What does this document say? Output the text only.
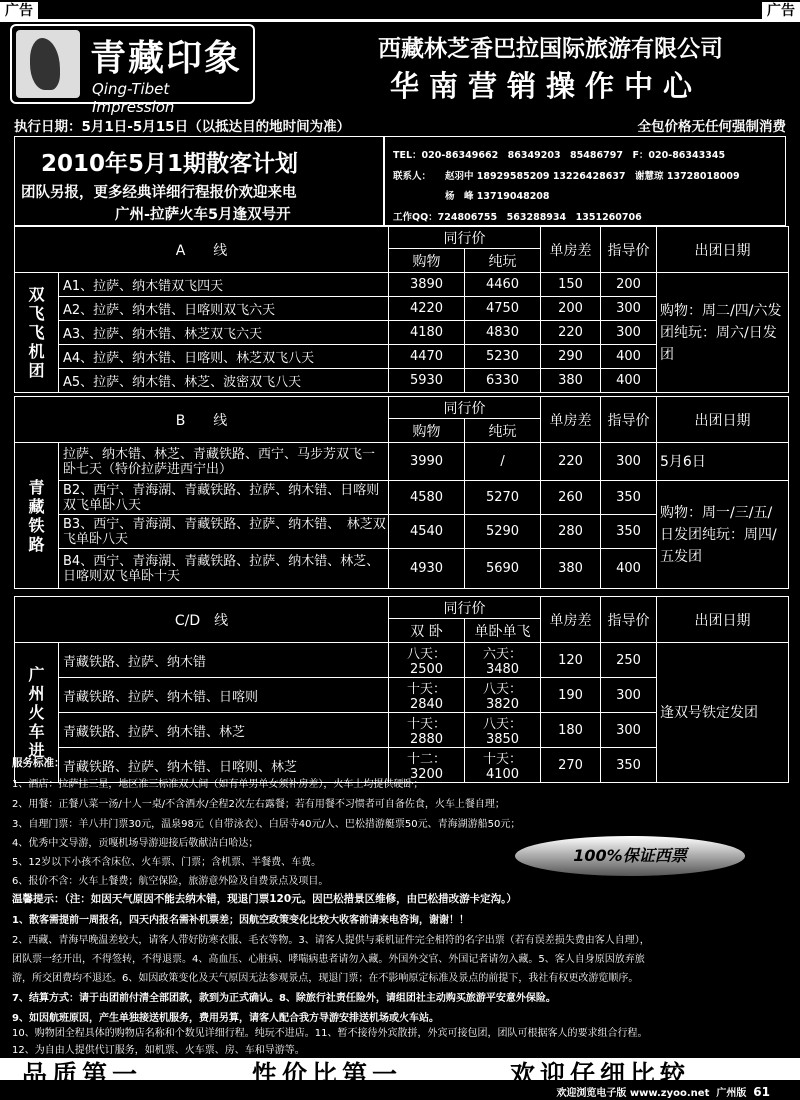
广告	广告
青藏印象
Qing-Tibet Impression
西藏林芝香巴拉国际旅游有限公司
华南营销操作中心
执行日期：5月1日-5月15日（以抵达目的地时间为准）	全包价格无任何强制消费
2010年5月1期散客计划
团队另报，更多经典详细行程报价欢迎来电
广州-拉萨火车5月逢双号开
TEL：020-86349662　86349203　85486797　F：020-86343345
联系人： 赵羽中 18929585209 13226428637　谢慧琼 13728018009
杨　峰 13719048208
工作QQ：724806755　563288934　1351260706
A　　线		同行价		单房差	指导价	出团日期
		购物	纯玩			
双飞飞机团	A1、拉萨、纳木错双飞四天	3890	4460	150	200	购物：周二/四/六发团纯玩：周六/日发团
	A2、拉萨、纳木错、日喀则双飞六天	4220	4750	200	300	
	A3、拉萨、纳木错、林芝双飞六天	4180	4830	220	300	
	A4、拉萨、纳木错、日喀则、林芝双飞八天	4470	5230	290	400	
	A5、拉萨、纳木错、林芝、波密双飞八天	5930	6330	380	400	
B　　线		同行价		单房差	指导价	出团日期
		购物	纯玩			
青藏铁路	拉萨、纳木错、林芝、青藏铁路、西宁、马步芳双飞一卧七天（特价拉萨进西宁出）	3990	/	220	300	5月6日
	B2、西宁、青海湖、青藏铁路、拉萨、纳木错、日喀则双飞单卧八天	4580	5270	260	350	购物：周一/三/五/日发团纯玩：周四/五发团
	B3、西宁、青海湖、青藏铁路、拉萨、纳木错、　林芝双飞单卧八天	4540	5290	280	350	
	B4、西宁、青海湖、青藏铁路、拉萨、纳木错、林芝、日喀则双飞单卧十天	4930	5690	380	400	
C/D　线		同行价		单房差	指导价	出团日期
		双 卧	单卧单飞			
广州火车进	青藏铁路、拉萨、纳木错	八天：2500	六天：3480	120	250	逢双号铁定发团
	青藏铁路、拉萨、纳木错、日喀则	十天：2840	八天：3820	190	300	
	青藏铁路、拉萨、纳木错、林芝	十天：2880	八天：3850	180	300	
	青藏铁路、拉萨、纳木错、日喀则、林芝	十二：3200	十天：4100	270	350	
服务标准：
1、酒店：拉萨挂三星，地区准三标准双人间（如有单男单女须补房差），火车上均提供硬卧；
2、用餐：正餐八菜一汤/十人一桌/不含酒水/全程2次左右露餐；若有用餐不习惯者可自备佐食，火车上餐自理；
3、自理门票：羊八井门票30元，温泉98元（自带泳衣）、白居寺40元/人、巴松措游艇票50元、青海湖游船50元；
4、优秀中文导游，贡嘎机场导游迎接后敬献洁白哈达；
5、12岁以下小孩不含床位、火车票、门票；含机票、半餐费、车费。
6、报价不含：火车上餐费；航空保险，旅游意外险及自费景点及项目。
100%保证西票
温馨提示：（注：如因天气原因不能去纳木错，现退门票120元。因巴松措景区维修，由巴松措改游卡定沟。）
1、散客需提前一周报名，四天内报名需补机票差；因航空政策变化比较大收客前请来电咨询，谢谢！！
2、西藏、青海早晚温差较大，请客人带好防寒衣服、毛衣等物。3、请客人提供与乘机证件完全相符的名字出票（若有误差损失费由客人自理），
团队票一经开出，不得签转，不得退票。4、高血压、心脏病、哮喘病患者请勿入藏。外国外交官、外国记者请勿入藏。5、客人自身原因放弃旅
游，所交团费均不退还。6、如因政策变化及天气原因无法参观景点，现退门票；在不影响原定标准及景点的前提下，我社有权更改游览顺序。
7、结算方式：请于出团前付清全部团款，款到为正式确认。8、除旅行社责任险外，请组团社主动购买旅游平安意外保险。
9、如因航班原因，产生单独接送机服务，费用另算，请客人配合我方导游安排送机场或火车站。
10、购物团全程具体的购物店名称和个数见详细行程。纯玩不进店。11、暂不接待外宾散拼，外宾可接包团，团队可根据客人的要求组合行程。
12、为自由人提供代订服务，如机票、火车票、房、车和导游等。
品质第一	性价比第一	欢迎仔细比较
欢迎浏览电子版 www.zyoo.net 广州版 61
